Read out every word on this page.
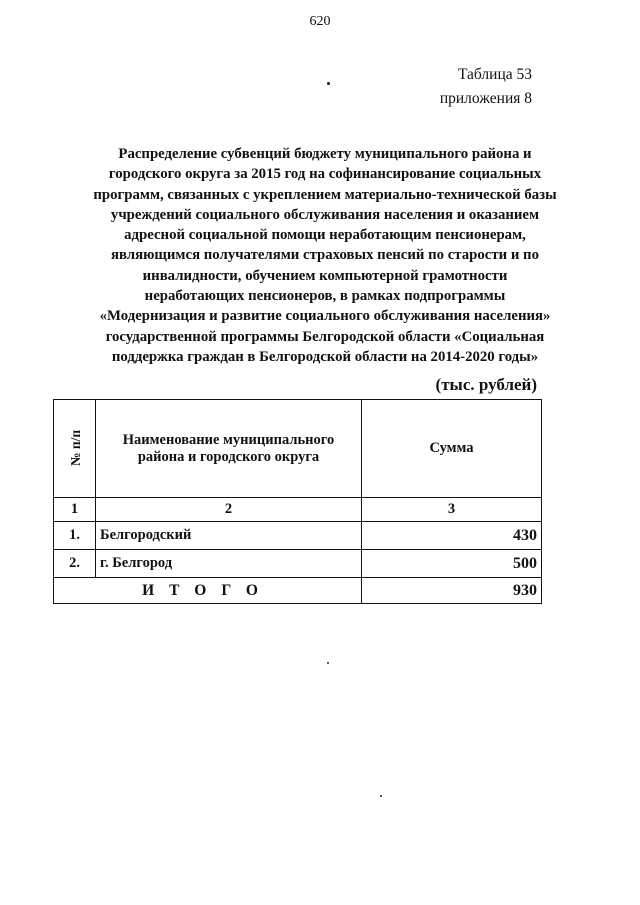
620
Таблица 53
приложения 8
Распределение субвенций бюджету муниципального района и
городского округа за 2015 год на софинансирование социальных
программ, связанных с укреплением материально-технической базы
учреждений социального обслуживания населения и оказанием
адресной социальной помощи неработающим пенсионерам,
являющимся получателями страховых пенсий по старости и по
инвалидности, обучением компьютерной грамотности
неработающих пенсионеров, в рамках подпрограммы
«Модернизация и развитие социального обслуживания населения»
государственной программы Белгородской области «Социальная
поддержка граждан в Белгородской области на 2014-2020 годы»
(тыс. рублей)
№ п/п	Наименование муниципального района и городского округа	Сумма
1	2	3
1.	Белгородский	430
2.	г. Белгород	500
ИТОГО		930
